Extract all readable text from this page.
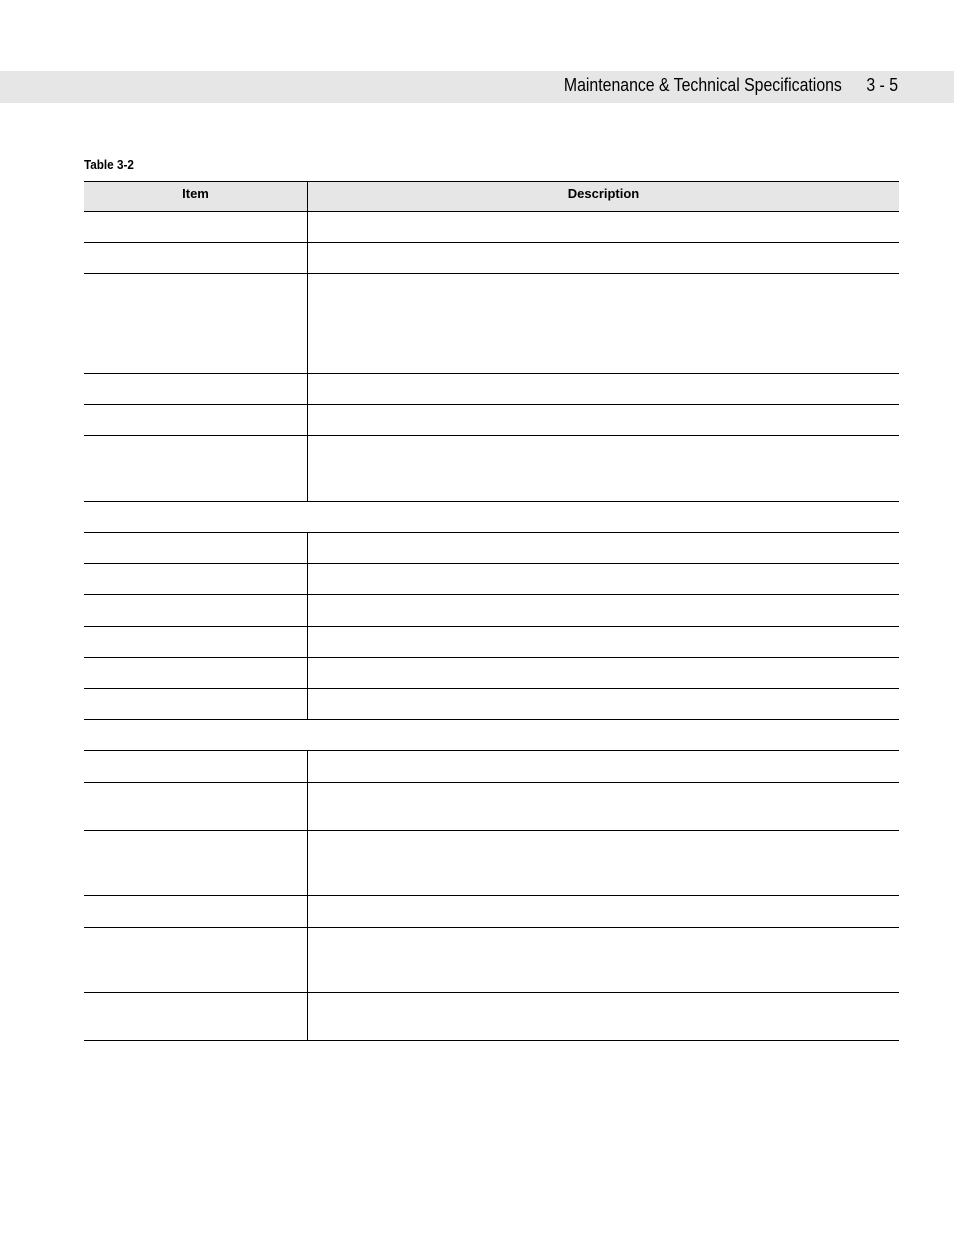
Maintenance & Technical Specifications 3 - 5
Table 3-2
Item	Description
